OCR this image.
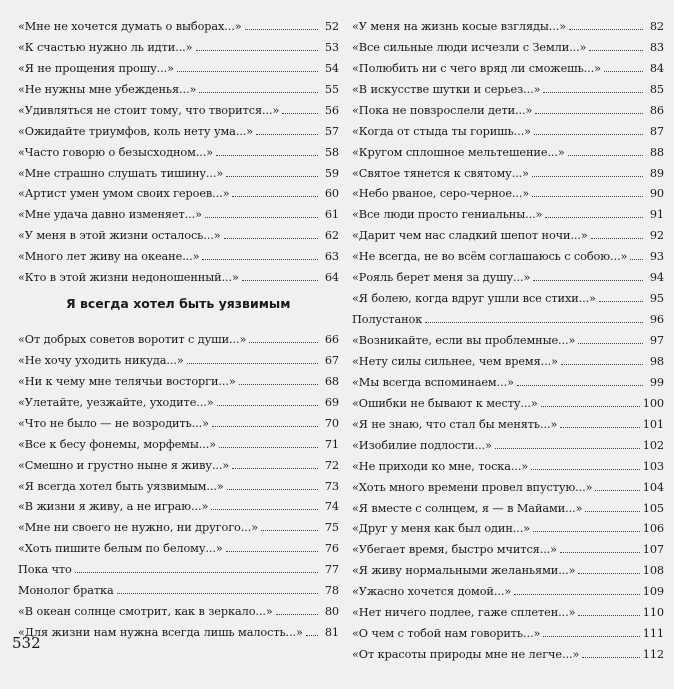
«Мне не хочется думать о выборах...»	52
«К счастью нужно ль идти...»	53
«Я не прощения прошу...»	54
«Не нужны мне убежденья...»	55
«Удивляться не стоит тому, что творится...»	56
«Ожидайте триумфов, коль нету ума...»	57
«Часто говорю о безысходном...»	58
«Мне страшно слушать тишину...»	59
«Артист умен умом своих героев...»	60
«Мне удача давно изменяет...»	61
«У меня в этой жизни осталось...»	62
«Много лет живу на океане...»	63
«Кто в этой жизни недоношенный...»	64
Я всегда хотел быть уязвимым
«От добрых советов воротит с души...»	66
«Не хочу уходить никуда...»	67
«Ни к чему мне телячьи восторги...»	68
«Улетайте, уезжайте, уходите...»	69
«Что не было — не возродить...»	70
«Все к бесу фонемы, морфемы...»	71
«Смешно и грустно ныне я живу...»	72
«Я всегда хотел быть уязвимым...»	73
«В жизни я живу, а не играю...»	74
«Мне ни своего не нужно, ни другого...»	75
«Хоть пишите белым по белому...»	76
Пока что	77
Монолог братка	78
«В океан солнце смотрит, как в зеркало...»	80
«Для жизни нам нужна всегда лишь малость...»	81
«У меня на жизнь косые взгляды...»	82
«Все сильные люди исчезли с Земли...»	83
«Полюбить ни с чего вряд ли сможешь...»	84
«В искусстве шутки и серьез...»	85
«Пока не повзрослели дети...»	86
«Когда от стыда ты горишь...»	87
«Кругом сплошное мельтешение...»	88
«Святое тянется к святому...»	89
«Небо рваное, серо-черное...»	90
«Все люди просто гениальны...»	91
«Дарит чем нас сладкий шепот ночи...»	92
«Не всегда, не во всём соглашаюсь с собою...»	93
«Рояль берет меня за душу...»	94
«Я болею, когда вдруг ушли все стихи...»	95
Полустанок	96
«Возникайте, если вы проблемные...»	97
«Нету силы сильнее, чем время...»	98
«Мы всегда вспоминаем...»	99
«Ошибки не бывают к месту...»	100
«Я не знаю, что стал бы менять...»	101
«Изобилие подлости...»	102
«Не приходи ко мне, тоска...»	103
«Хоть много времени провел впустую...»	104
«Я вместе с солнцем, я — в Майами...»	105
«Друг у меня как был один...»	106
«Убегает время, быстро мчится...»	107
«Я живу нормальными желаньями...»	108
«Ужасно хочется домой...»	109
«Нет ничего подлее, гаже сплетен...»	110
«О чем с тобой нам говорить...»	111
«От красоты природы мне не легче...»	112
532
